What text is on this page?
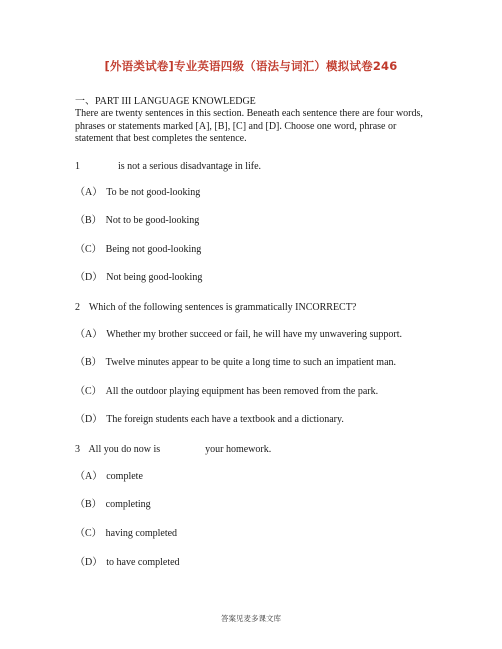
[外语类试卷]专业英语四级（语法与词汇）模拟试卷246
一、PART III LANGUAGE KNOWLEDGE
There are twenty sentences in this section. Beneath each sentence there are four words, phrases or statements marked [A], [B], [C] and [D]. Choose one word, phrase or statement that best completes the sentence.
1	is not a serious disadvantage in life.
（A） To be not good-looking
（B） Not to be good-looking
（C） Being not good-looking
（D） Not being good-looking
2 Which of the following sentences is grammatically INCORRECT?
（A） Whether my brother succeed or fail, he will have my unwavering support.
（B） Twelve minutes appear to be quite a long time to such an impatient man.
（C） All the outdoor playing equipment has been removed from the park.
（D） The foreign students each have a textbook and a dictionary.
3 All you do now is	your homework.
（A） complete
（B） completing
（C） having completed
（D） to have completed
答案见麦多课文库
